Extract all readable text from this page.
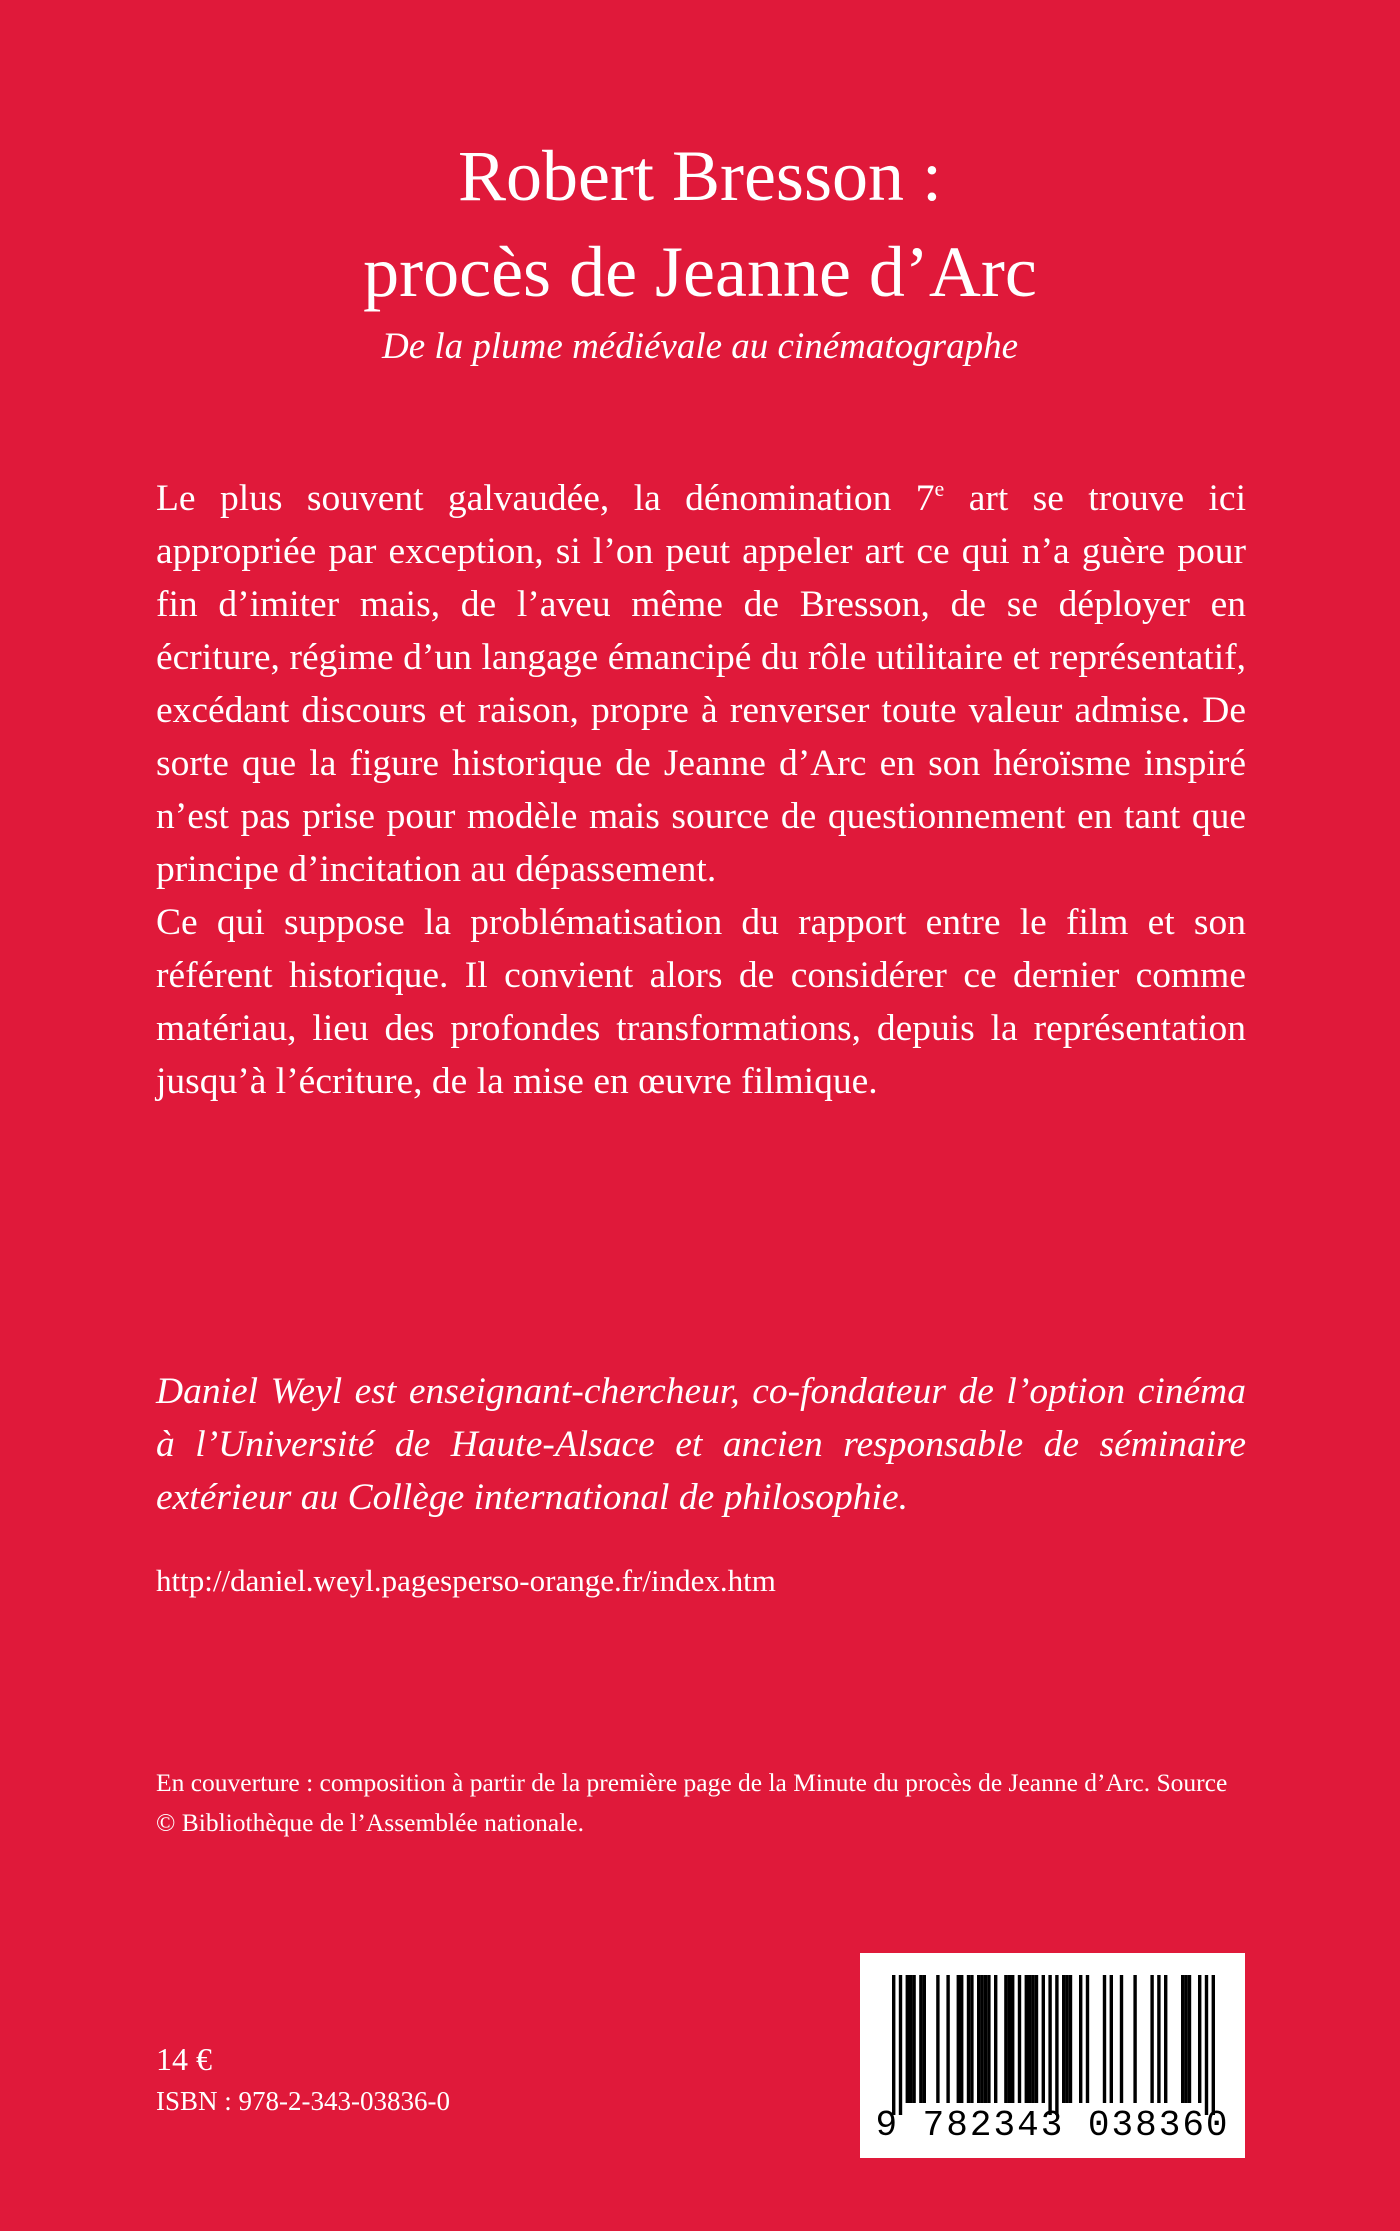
Robert Bresson :
procès de Jeanne d’Arc

De la plume médiévale au cinématographe

Le plus souvent galvaudée, la dénomination 7e art se trouve ici appropriée par exception, si l’on peut appeler art ce qui n’a guère pour fin d’imiter mais, de l’aveu même de Bresson, de se déployer en écriture, régime d’un langage émancipé du rôle utilitaire et représentatif, excédant discours et raison, propre à renverser toute valeur admise. De sorte que la figure historique de Jeanne d’Arc en son héroïsme inspiré n’est pas prise pour modèle mais source de questionnement en tant que principe d’incitation au dépassement.

Ce qui suppose la problématisation du rapport entre le film et son référent historique. Il convient alors de considérer ce dernier comme matériau, lieu des profondes transformations, depuis la représentation jusqu’à l’écriture, de la mise en œuvre filmique.

Daniel Weyl est enseignant-chercheur, co-fondateur de l’option cinéma à l’Université de Haute-Alsace et ancien responsable de séminaire extérieur au Collège international de philosophie.

http://daniel.weyl.pagesperso-orange.fr/index.htm

En couverture : composition à partir de la première page de la Minute du procès de Jeanne d’Arc. Source © Bibliothèque de l’Assemblée nationale.

14 €

ISBN : 978-2-343-03836-0

9 782343 038360
